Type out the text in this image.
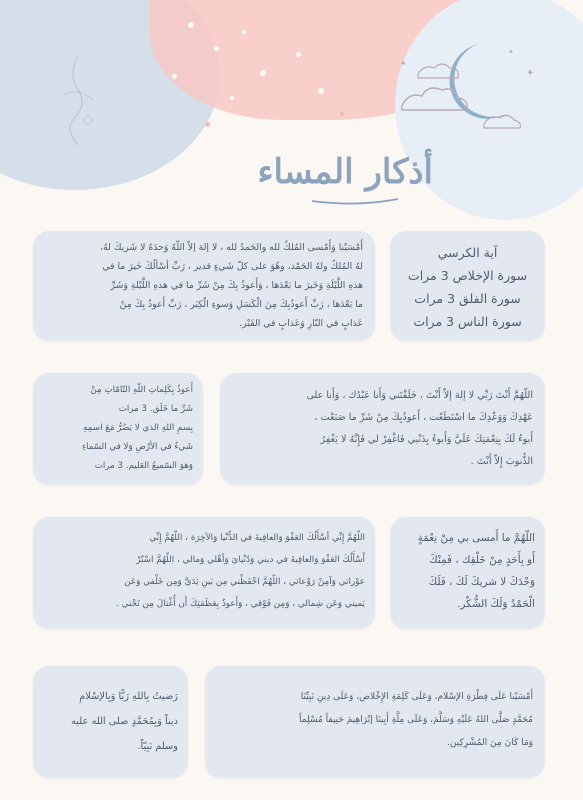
✦
✦
✦
أذكار المساء
آية الكرسي
سورة الإخلاص 3 مرات
سورة الفلق 3 مرات
سورة الناس 3 مرات
أَمْسَيْنا وَأَمْسى المُلكُ لله والحَمدُ لله ، لا إلهَ إلاّ اللّهُ وَحدَهُ لا شَريكَ لهُ،
لهُ المُلكُ ولهُ الحَمْد، وهُوَ على كلّ شَيءٍ قدير ، رَبِّ أسْألُكَ خَيرَ ما في
هذهِ اللَّيْلَةِ وَخَيرَ ما بَعْدَها ، وَأَعوذُ بِكَ مِنْ شَرِّ ما في هذهِ اللَّيْلةِ وَشَرِّ
ما بَعْدَها ، رَبِّ أَعوذُبِكَ مِنَ الْكَسَلِ وَسوءِ الْكِبَر ، رَبِّ أَعوذُ بِكَ مِنْ
عَذابٍ في النّارِ وَعَذابٍ في القَبْر.
اللّهُمَّ أَنْتَ رَبِّي لا إلهَ إلاّ أَنْتَ ، خَلَقْتَني وَأَنا عَبْدُك ، وَأَنا على
عَهْدِكَ وَوَعْدِكَ ما اسْتَطَعْت ، أَعوذُبِكَ مِنْ شَرِّ ما صَنَعْت ،
أَبوءُ لَكَ بِنِعْمَتِكَ عَلَيَّ وَأَبوءُ بِذَنْبي فَاغْفِرْ لي فَإِنَّهُ لا يَغْفِرُ
الذُّنوبَ إِلاّ أَنْتَ .
أَعوذُ بِكَلِماتِ اللّهِ التّامّاتِ مِنْ
شَرِّ ما خَلَق. 3 مرات
بِسمِ اللهِ الذي لا يَضُرُّ مَعَ اسمِهِ
شَيءٌ في الأرْضِ وَلا في السّماءِ
وَهوَ السّميعُ العَليم. 3 مرات
اللّهُمَّ ما أَمسى بي مِنْ نِعْمَةٍ
أَو بِأَحَدٍ مِنْ خَلْقِك ، فَمِنْكَ
وَحْدَكَ لا شريكَ لَكَ ، فَلَكَ
الْحَمْدُ وَلَكَ الشُّكْر.
اللّهُمَّ إِنِّي أسْأَلُكَ العَفْوَ وَالعافِيةَ في الدُّنْيا وَالآخِرَة ، اللّهُمَّ إِنِّي
أَسْأَلُكَ العَفْوَ وَالعافِيةَ في ديني وَدُنْيايَ وَأهْلي وَمالي ، اللّهُمَّ اسْتُرْ
عوْراتي وَآمِنْ رَوْعاتي ، اللّهُمَّ احْفَظْني مِن بَينِ يَدَيَّ وَمِن خَلْفي وَعَن
يَميني وَعَن شِمالي ، وَمِن فَوْقي ، وَأَعوذُ بِعَظَمَتِكَ أَن أُغْتالَ مِن تَحْتي .
رَضيتُ بِاللهِ رَبًّا وَبِالإسْلامِ
ديناً وَبِمُحَمَّدٍ صلى الله عليه
وسلم نَبِيّاً.
أَمْسَيْنا عَلَى فِطْرَةِ الإسْلام، وَعَلَى كَلِمَةِ الإِخْلاص، وَعَلَى دِينِ نَبِيِّنَا
مُحَمَّدٍ صَلَّى اللهُ عَلَيْهِ وَسَلَّمَ، وَعَلَى مِلَّةِ أَبِينَا إبْرَاهِيمَ حَنِيفاً مُسْلِماً
وَمَا كَانَ مِنَ المُشْرِكِين.
